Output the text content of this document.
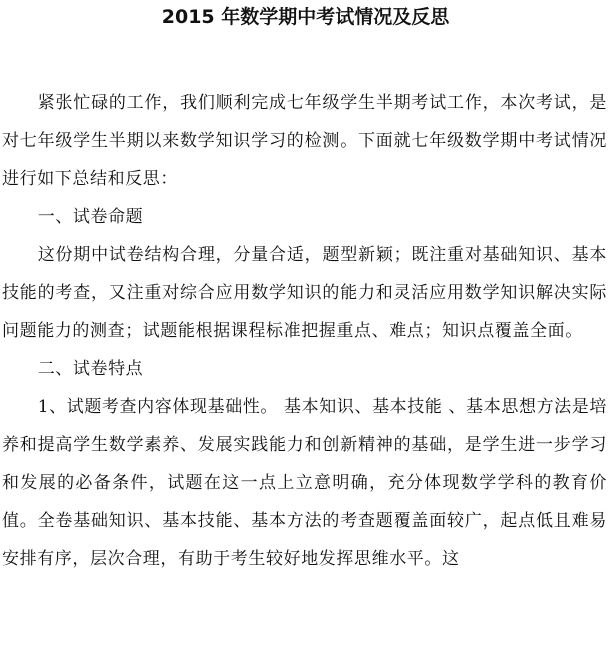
2015 年数学期中考试情况及反思

紧张忙碌的工作，我们顺利完成七年级学生半期考试工作，本次考试，是对七年级学生半期以来数学知识学习的检测。下面就七年级数学期中考试情况进行如下总结和反思：

一、试卷命题

这份期中试卷结构合理，分量合适，题型新颖；既注重对基础知识、基本技能的考查，又注重对综合应用数学知识的能力和灵活应用数学知识解决实际问题能力的测查；试题能根据课程标准把握重点、难点；知识点覆盖全面。

二、试卷特点

1、试题考查内容体现基础性。 基本知识、基本技能 、基本思想方法是培养和提高学生数学素养、发展实践能力和创新精神的基础，是学生进一步学习和发展的必备条件，试题在这一点上立意明确，充分体现数学学科的教育价值。全卷基础知识、基本技能、基本方法的考查题覆盖面较广，起点低且难易安排有序，层次合理，有助于考生较好地发挥思维水平。这
